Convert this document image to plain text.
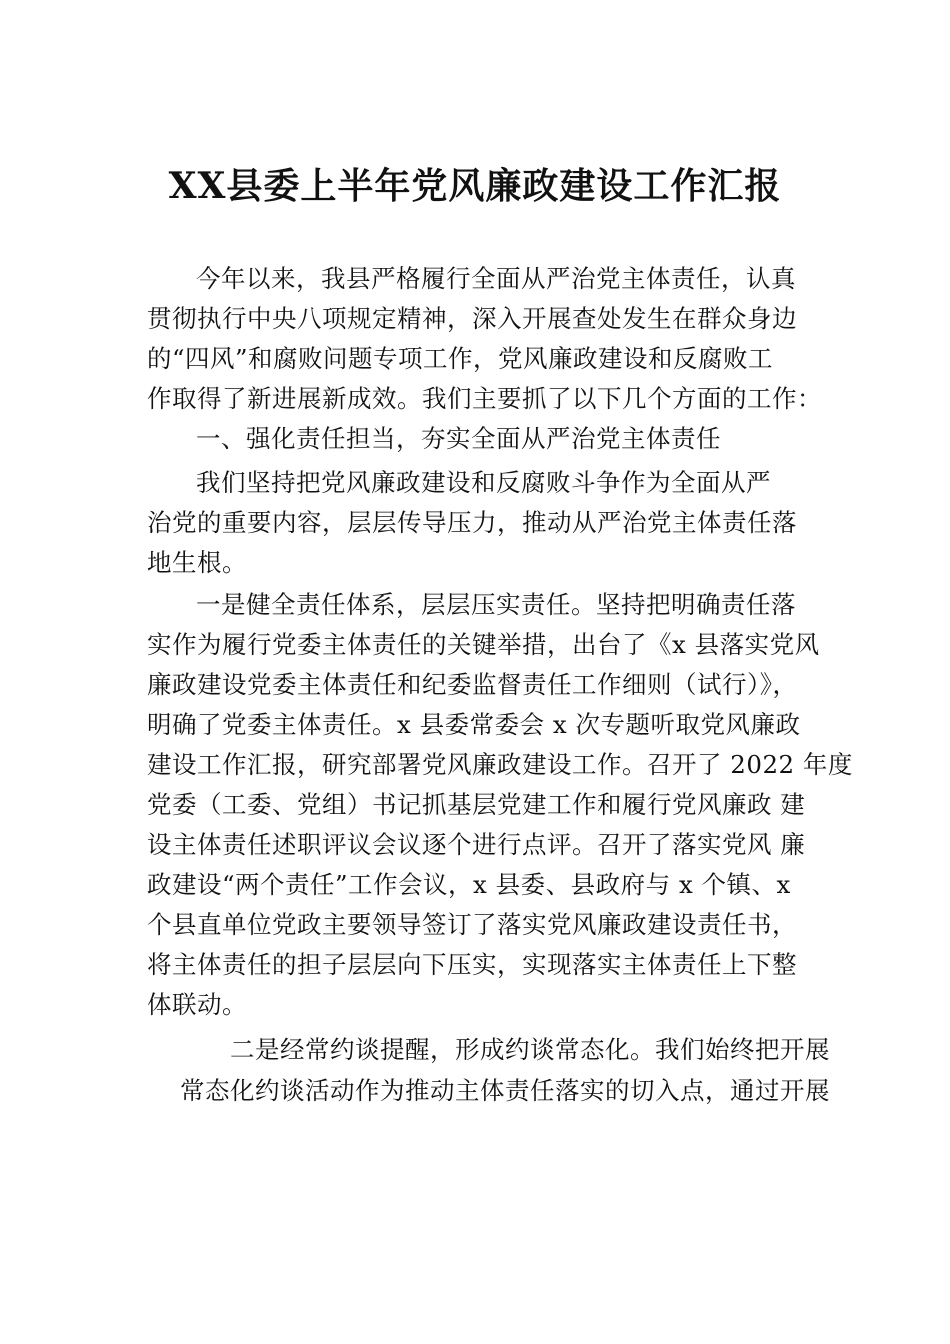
XX县委上半年党风廉政建设工作汇报
今年以来，我县严格履行全面从严治党主体责任，认真
贯彻执行中央八项规定精神，深入开展查处发生在群众身边
的“四风”和腐败问题专项工作，党风廉政建设和反腐败工
作取得了新进展新成效。我们主要抓了以下几个方面的工作：
一、强化责任担当，夯实全面从严治党主体责任
我们坚持把党风廉政建设和反腐败斗争作为全面从严
治党的重要内容，层层传导压力，推动从严治党主体责任落
地生根。
一是健全责任体系，层层压实责任。坚持把明确责任落
实作为履行党委主体责任的关键举措，出台了《x 县落实党风
廉政建设党委主体责任和纪委监督责任工作细则（试行）》，
明确了党委主体责任。x 县委常委会 x 次专题听取党风廉政
建设工作汇报，研究部署党风廉政建设工作。召开了 2022 年度
党委（工委、党组）书记抓基层党建工作和履行党风廉政 建
设主体责任述职评议会议逐个进行点评。召开了落实党风 廉
政建设“两个责任”工作会议，x 县委、县政府与 x 个镇、x
个县直单位党政主要领导签订了落实党风廉政建设责任书，
将主体责任的担子层层向下压实，实现落实主体责任上下整
体联动。
二是经常约谈提醒，形成约谈常态化。我们始终把开展
常态化约谈活动作为推动主体责任落实的切入点，通过开展
